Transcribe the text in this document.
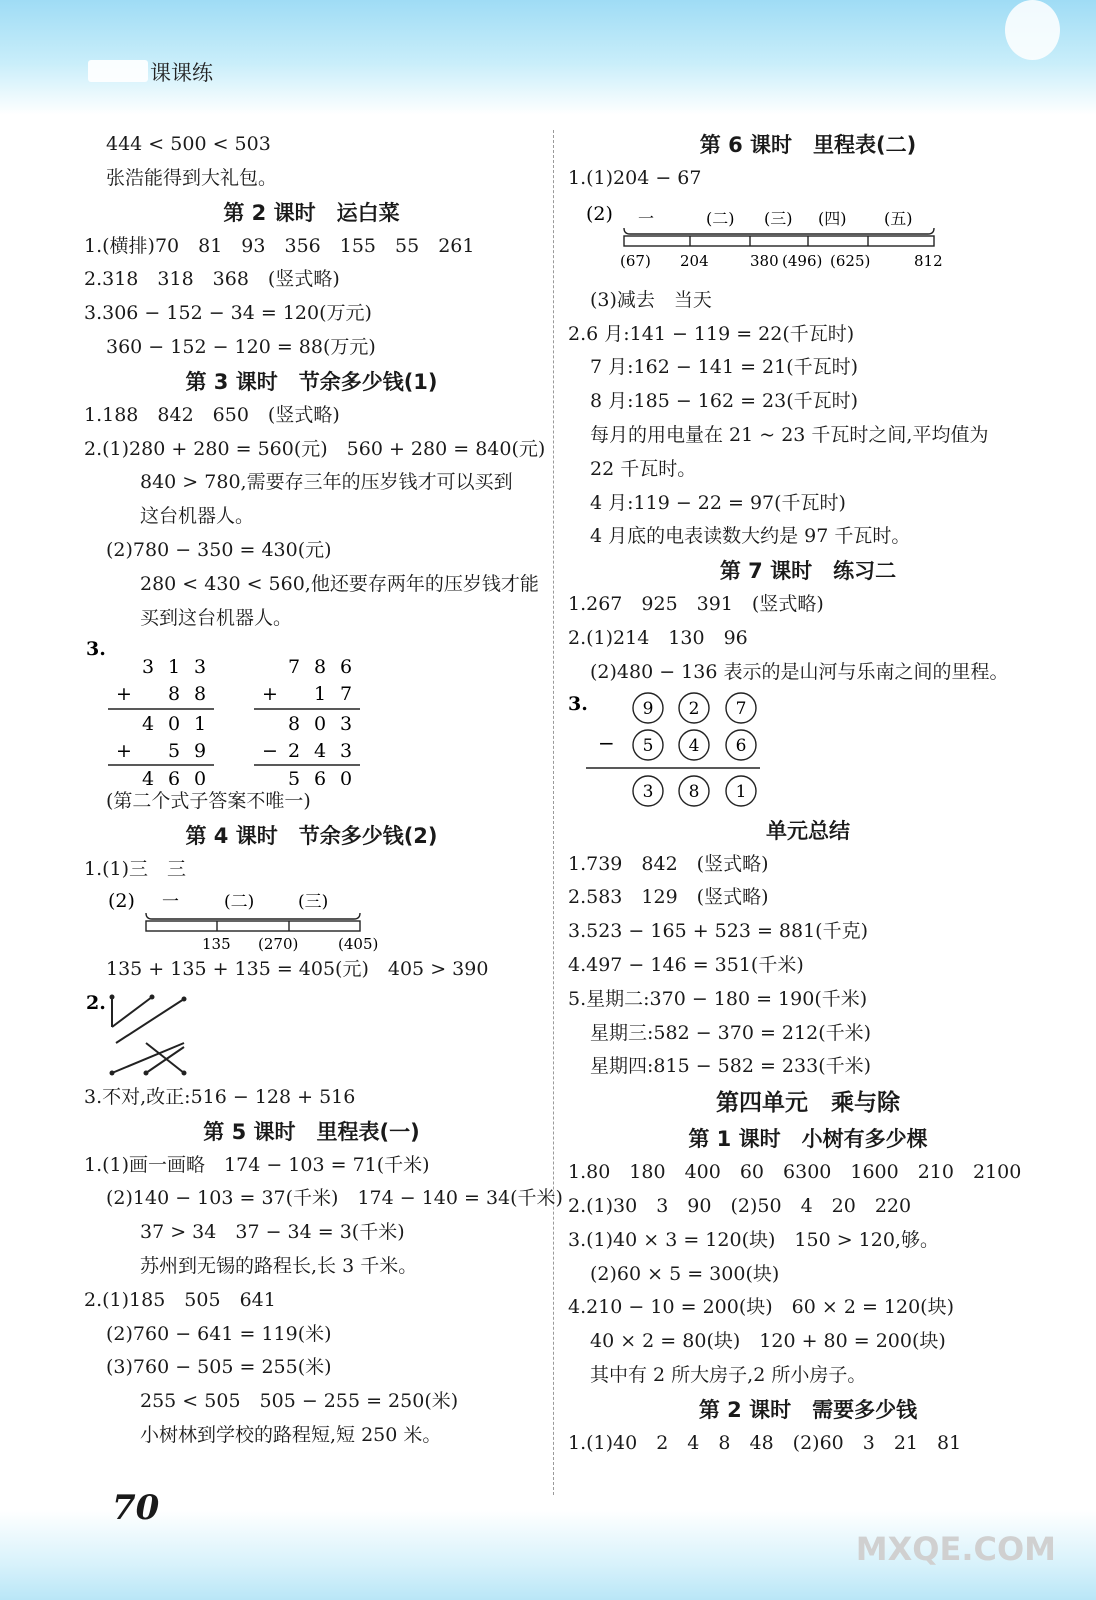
课课练
444 < 500 < 503
张浩能得到大礼包。
第 2 课时　运白菜
1.(横排)70　81　93　356　155　55　261
2.318　318　368　(竖式略)
3.306 − 152 − 34 = 120(万元)
360 − 152 − 120 = 88(万元)
第 3 课时　节余多少钱(1)
1.188　842　650　(竖式略)
2.(1)280 + 280 = 560(元)　560 + 280 = 840(元)
840 > 780,需要存三年的压岁钱才可以买到
这台机器人。
(2)780 − 350 = 430(元)
280 < 430 < 560,他还要存两年的压岁钱才能
买到这台机器人。
3.
3 1 3
+ 8 8
4 0 1
+ 5 9
4 6 0
7 8 6
+ 1 7
8 0 3
− 2 4 3
5 6 0
(第二个式子答案不唯一)
第 4 课时　节余多少钱(2)
1.(1)三　三
(2) 一	(二)	(三)
135 (270)	(405)
135 + 135 + 135 = 405(元)　405 > 390
2.
3.不对,改正:516 − 128 + 516
第 5 课时　里程表(一)
1.(1)画一画略　174 − 103 = 71(千米)
(2)140 − 103 = 37(千米)　174 − 140 = 34(千米)
37 > 34　37 − 34 = 3(千米)
苏州到无锡的路程长,长 3 千米。
2.(1)185　505　641
(2)760 − 641 = 119(米)
(3)760 − 505 = 255(米)
255 < 505　505 − 255 = 250(米)
小树林到学校的路程短,短 250 米。
第 6 课时　里程表(二)
1.(1)204 − 67
(2) 一	(二) (三) (四) (五)
(67) 204	380 (496) (625)	812
(3)减去　当天
2.6 月:141 − 119 = 22(千瓦时)
7 月:162 − 141 = 21(千瓦时)
8 月:185 − 162 = 23(千瓦时)
每月的用电量在 21 ~ 23 千瓦时之间,平均值为
22 千瓦时。
4 月:119 − 22 = 97(千瓦时)
4 月底的电表读数大约是 97 千瓦时。
第 7 课时　练习二
1.267　925　391　(竖式略)
2.(1)214　130　96
(2)480 − 136 表示的是山河与乐南之间的里程。
3.	9 2 7
− 5 4 6
3 8 1
单元总结
1.739　842　(竖式略)
2.583　129　(竖式略)
3.523 − 165 + 523 = 881(千克)
4.497 − 146 = 351(千米)
5.星期二:370 − 180 = 190(千米)
星期三:582 − 370 = 212(千米)
星期四:815 − 582 = 233(千米)
第四单元　乘与除
第 1 课时　小树有多少棵
1.80　180　400　60　6300　1600　210　2100
2.(1)30　3　90　(2)50　4　20　220
3.(1)40 × 3 = 120(块)　150 > 120,够。
(2)60 × 5 = 300(块)
4.210 − 10 = 200(块)　60 × 2 = 120(块)
40 × 2 = 80(块)　120 + 80 = 200(块)
其中有 2 所大房子,2 所小房子。
第 2 课时　需要多少钱
1.(1)40　2　4　8　48　(2)60　3　21　81
70
MXQE.COM
